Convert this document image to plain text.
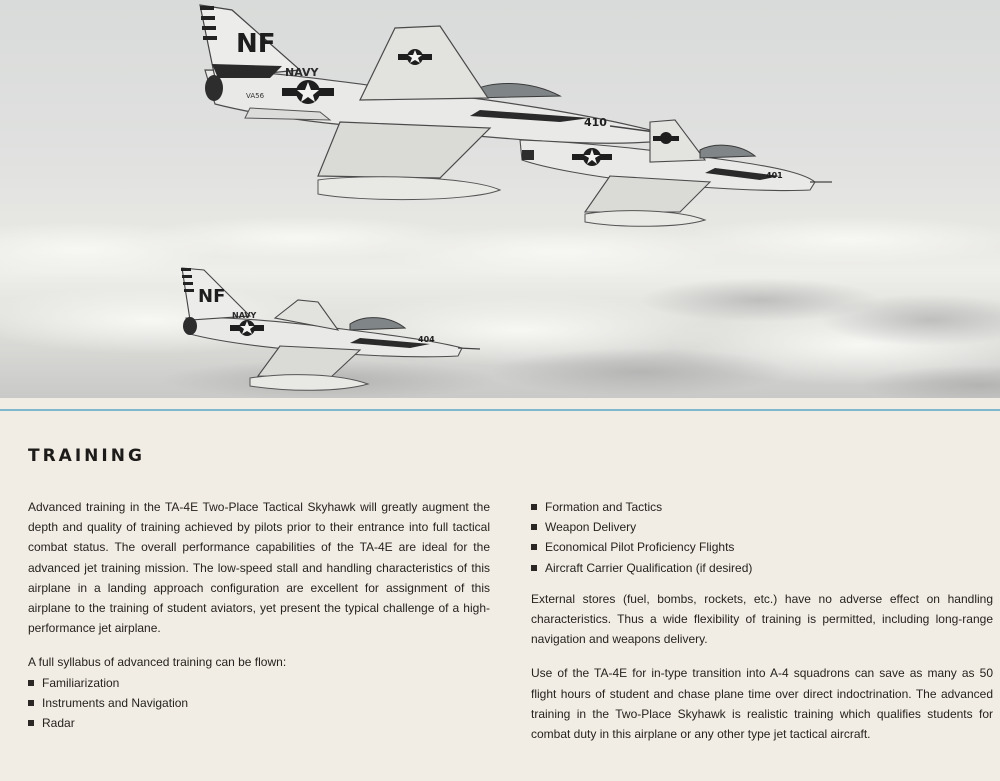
NF
NAVY
VA56
410
401
NF
NAVY
404
TRAINING

Advanced training in the TA-4E Two-Place Tactical Skyhawk will greatly augment the depth and quality of training achieved by pilots prior to their entrance into full tactical combat status. The overall performance capabilities of the TA-4E are ideal for the advanced jet training mission. The low-speed stall and handling characteristics of this airplane in a landing approach configuration are excellent for assignment of this airplane to the training of student aviators, yet present the typical challenge of a high-performance jet airplane.

A full syllabus of advanced training can be flown:

Familiarization
Instruments and Navigation
Radar
Formation and Tactics
Weapon Delivery
Economical Pilot Proficiency Flights
Aircraft Carrier Qualification (if desired)

External stores (fuel, bombs, rockets, etc.) have no adverse effect on handling characteristics. Thus a wide flexibility of training is permitted, including long-range navigation and weapons delivery.

Use of the TA-4E for in-type transition into A-4 squadrons can save as many as 50 flight hours of student and chase plane time over direct indoctrination. The advanced training in the Two-Place Skyhawk is realistic training which qualifies students for combat duty in this airplane or any other type jet tactical aircraft.
